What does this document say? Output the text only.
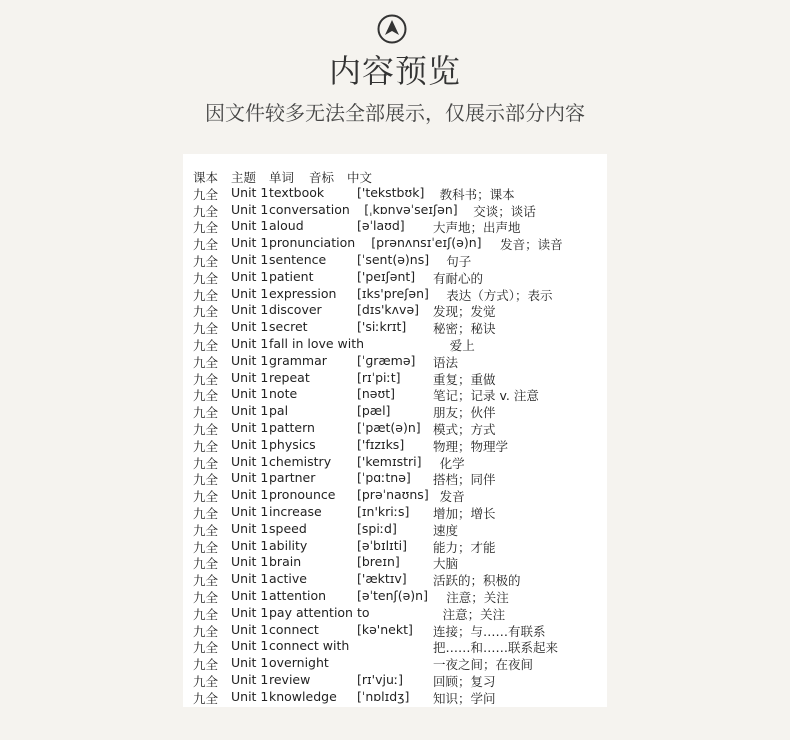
内容预览
因文件较多无法全部展示，仅展示部分内容
课本 主题 单词 音标 中文
九全 Unit 1 textbook	['tekstbʊk] 教科书；课本
九全 Unit 1 conversation [ˌkɒnvəˈseɪʃən] 交谈；谈话
九全 Unit 1 aloud	[əˈlaʊd] 大声地；出声地
九全 Unit 1 pronunciation [prənʌnsɪˈeɪʃ(ə)n] 发音；读音
九全 Unit 1 sentence [ˈsent(ə)ns] 句子
九全 Unit 1 patient	['peɪʃənt] 有耐心的
九全 Unit 1 expression [ɪks'preʃən] 表达（方式）；表示
九全 Unit 1 discover	[dɪs'kʌvə] 发现；发觉
九全 Unit 1 secret	['siːkrɪt] 秘密；秘诀
九全 Unit 1 fall in love with	爱上
九全 Unit 1 grammar [ˈɡræmə] 语法
九全 Unit 1 repeat	[rɪˈpiːt]	重复；重做
九全 Unit 1 note	[nəʊt]	笔记；记录 v. 注意
九全 Unit 1 pal	[pæl]	朋友；伙伴
九全 Unit 1 pattern	[ˈpæt(ə)n] 模式；方式
九全 Unit 1 physics	['fɪzɪks] 物理；物理学
九全 Unit 1 chemistry ['kemɪstri] 化学
九全 Unit 1 partner	[ˈpɑːtnə] 搭档；同伴
九全 Unit 1 pronounce [prəˈnaʊns] 发音
九全 Unit 1 increase	[ɪn'kriːs] 增加；增长
九全 Unit 1 speed	[spiːd]	速度
九全 Unit 1 ability	[əˈbɪlɪti] 能力；才能
九全 Unit 1 brain	[breɪn]	大脑
九全 Unit 1 active	['æktɪv] 活跃的；积极的
九全 Unit 1 attention [əˈtenʃ(ə)n] 注意；关注
九全 Unit 1 pay attention to	注意；关注
九全 Unit 1 connect	[kə'nekt] 连接；与……有联系
九全 Unit 1 connect with	把……和……联系起来
九全 Unit 1 overnight	一夜之间；在夜间
九全 Unit 1 review	[rɪ'vjuː] 回顾；复习
九全 Unit 1 knowledge [ˈnɒlɪdʒ] 知识；学问
